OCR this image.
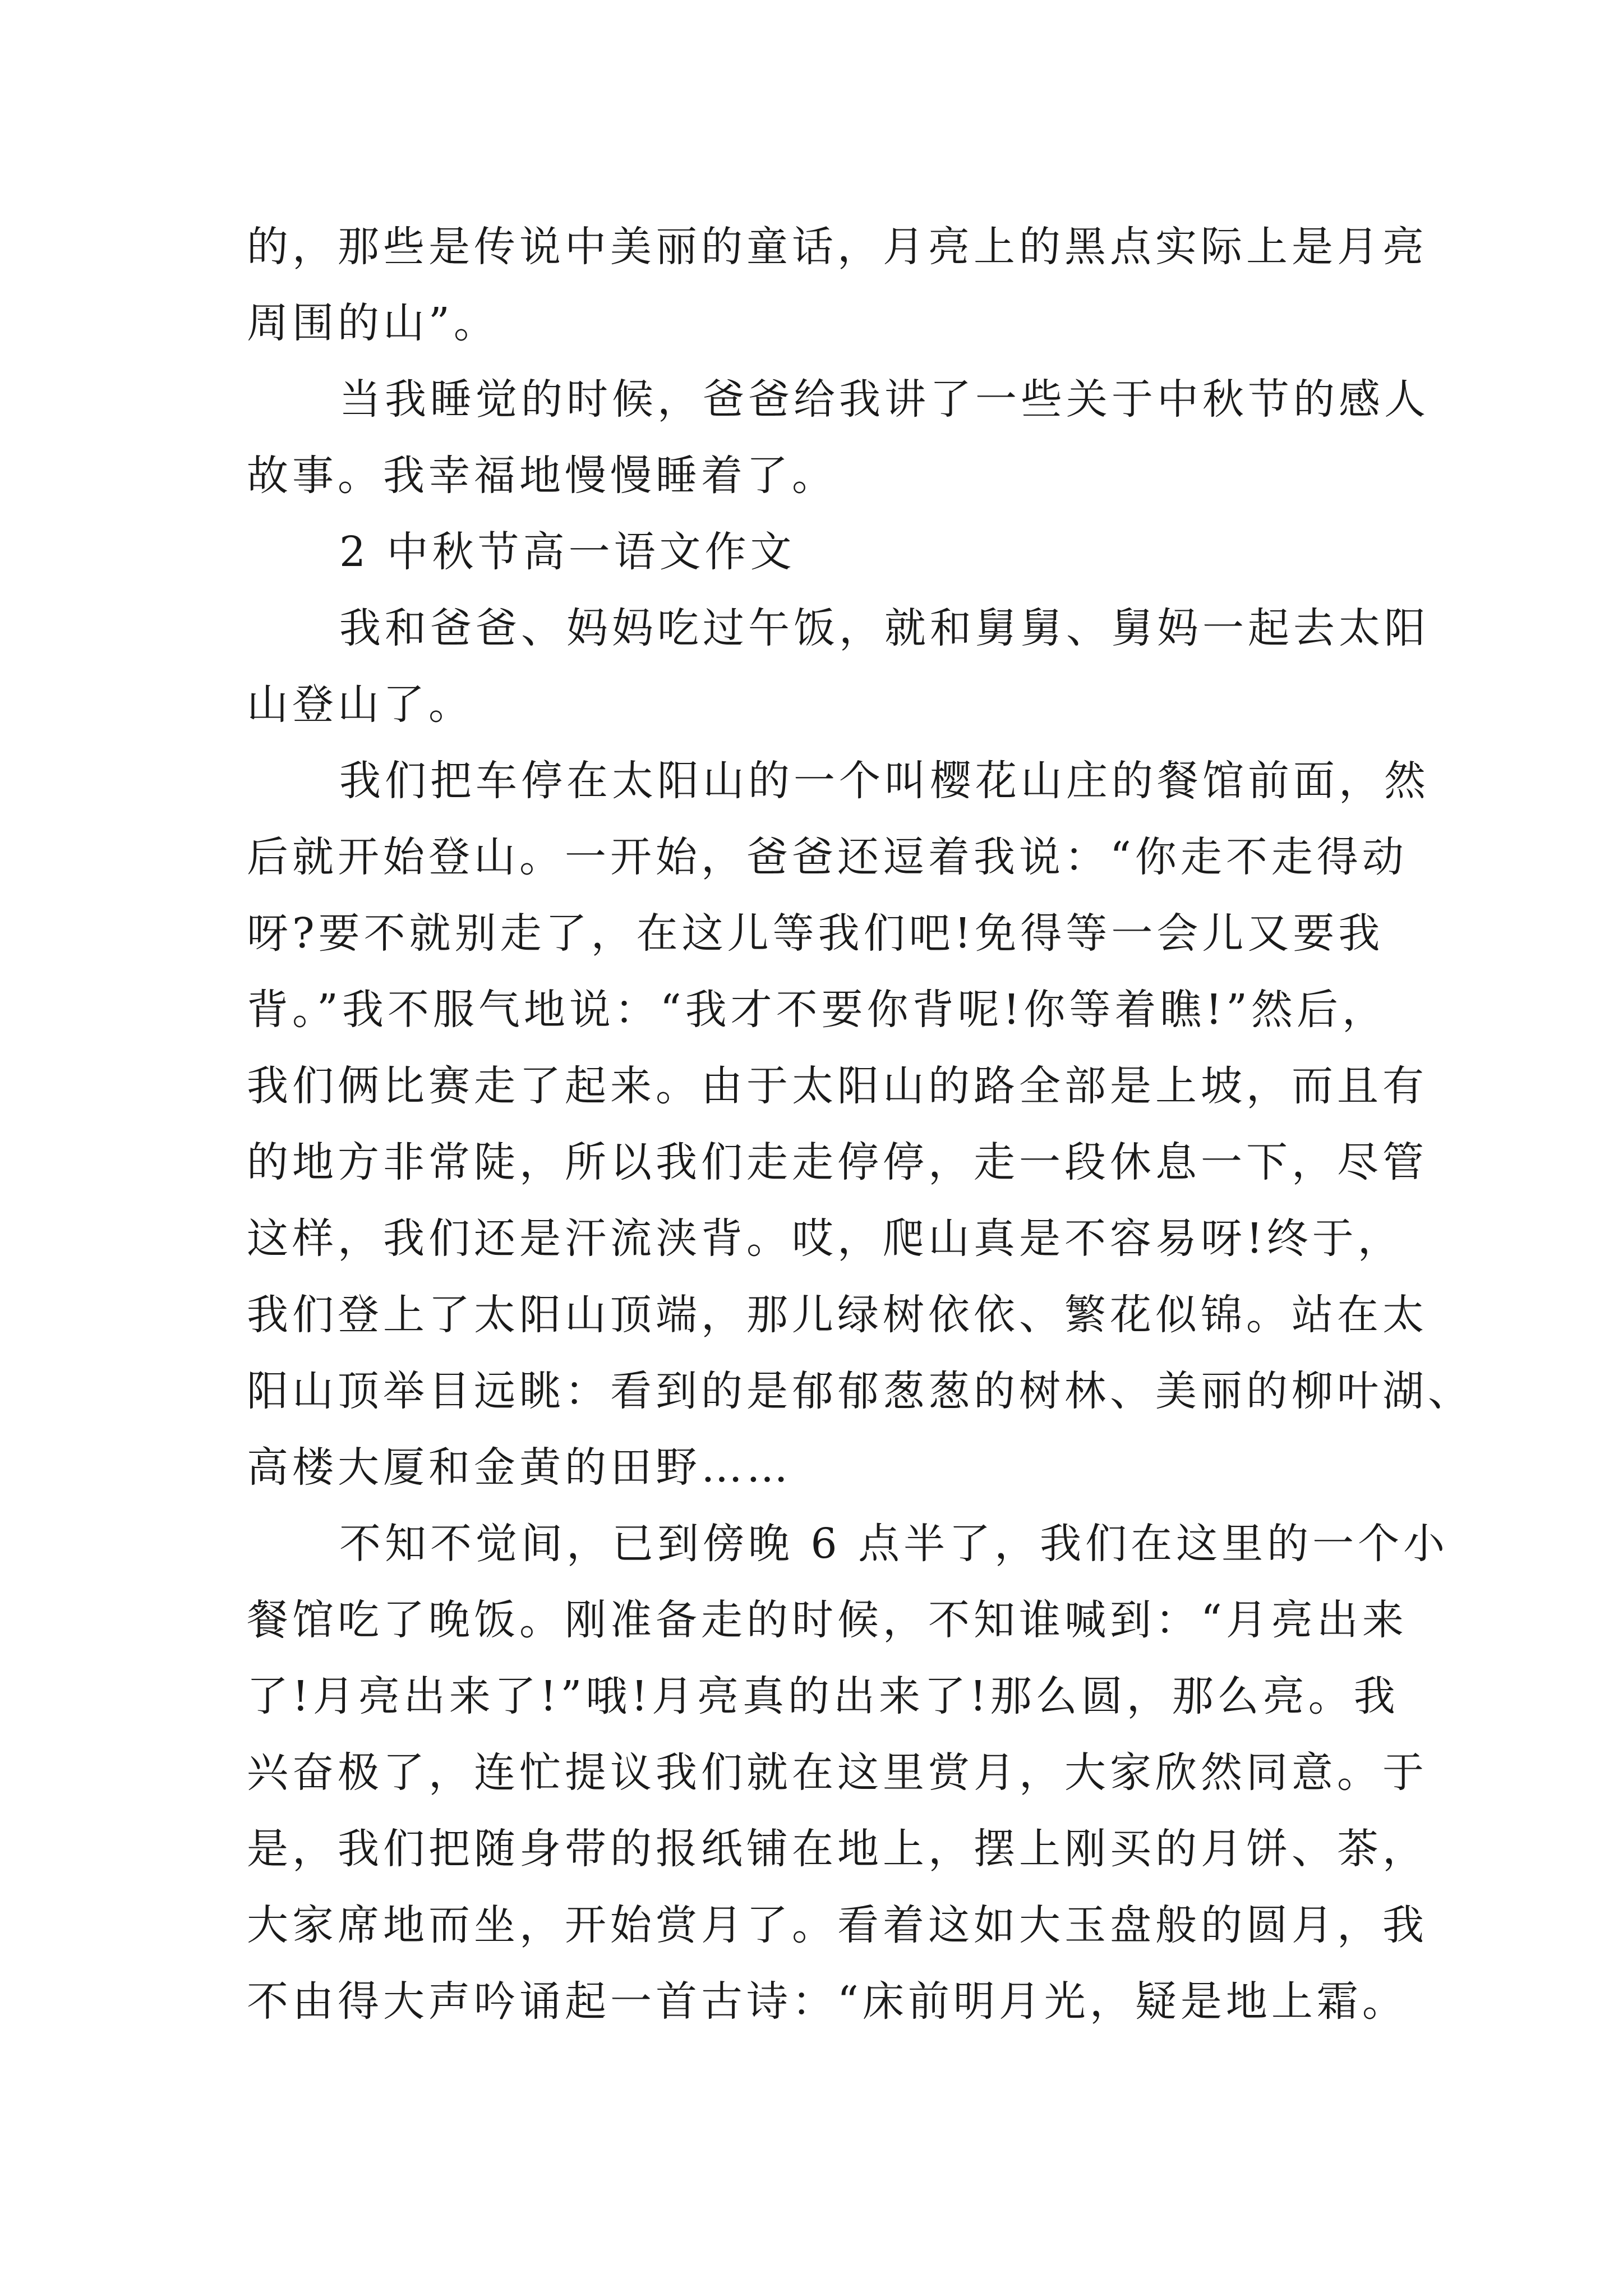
的，那些是传说中美丽的童话，月亮上的黑点实际上是月亮
周围的山”。
当我睡觉的时候，爸爸给我讲了一些关于中秋节的感人
故事。我幸福地慢慢睡着了。
2 中秋节高一语文作文
我和爸爸、妈妈吃过午饭，就和舅舅、舅妈一起去太阳
山登山了。
我们把车停在太阳山的一个叫樱花山庄的餐馆前面，然
后就开始登山。一开始，爸爸还逗着我说：“你走不走得动
呀?要不就别走了，在这儿等我们吧!免得等一会儿又要我
背。”我不服气地说：“我才不要你背呢!你等着瞧!”然后，
我们俩比赛走了起来。由于太阳山的路全部是上坡，而且有
的地方非常陡，所以我们走走停停，走一段休息一下，尽管
这样，我们还是汗流浃背。哎，爬山真是不容易呀!终于，
我们登上了太阳山顶端，那儿绿树依依、繁花似锦。站在太
阳山顶举目远眺：看到的是郁郁葱葱的树林、美丽的柳叶湖、
高楼大厦和金黄的田野……
不知不觉间，已到傍晚 6 点半了，我们在这里的一个小
餐馆吃了晚饭。刚准备走的时候，不知谁喊到：“月亮出来
了!月亮出来了!”哦!月亮真的出来了!那么圆，那么亮。我
兴奋极了，连忙提议我们就在这里赏月，大家欣然同意。于
是，我们把随身带的报纸铺在地上，摆上刚买的月饼、茶，
大家席地而坐，开始赏月了。看着这如大玉盘般的圆月，我
不由得大声吟诵起一首古诗：“床前明月光，疑是地上霜。
